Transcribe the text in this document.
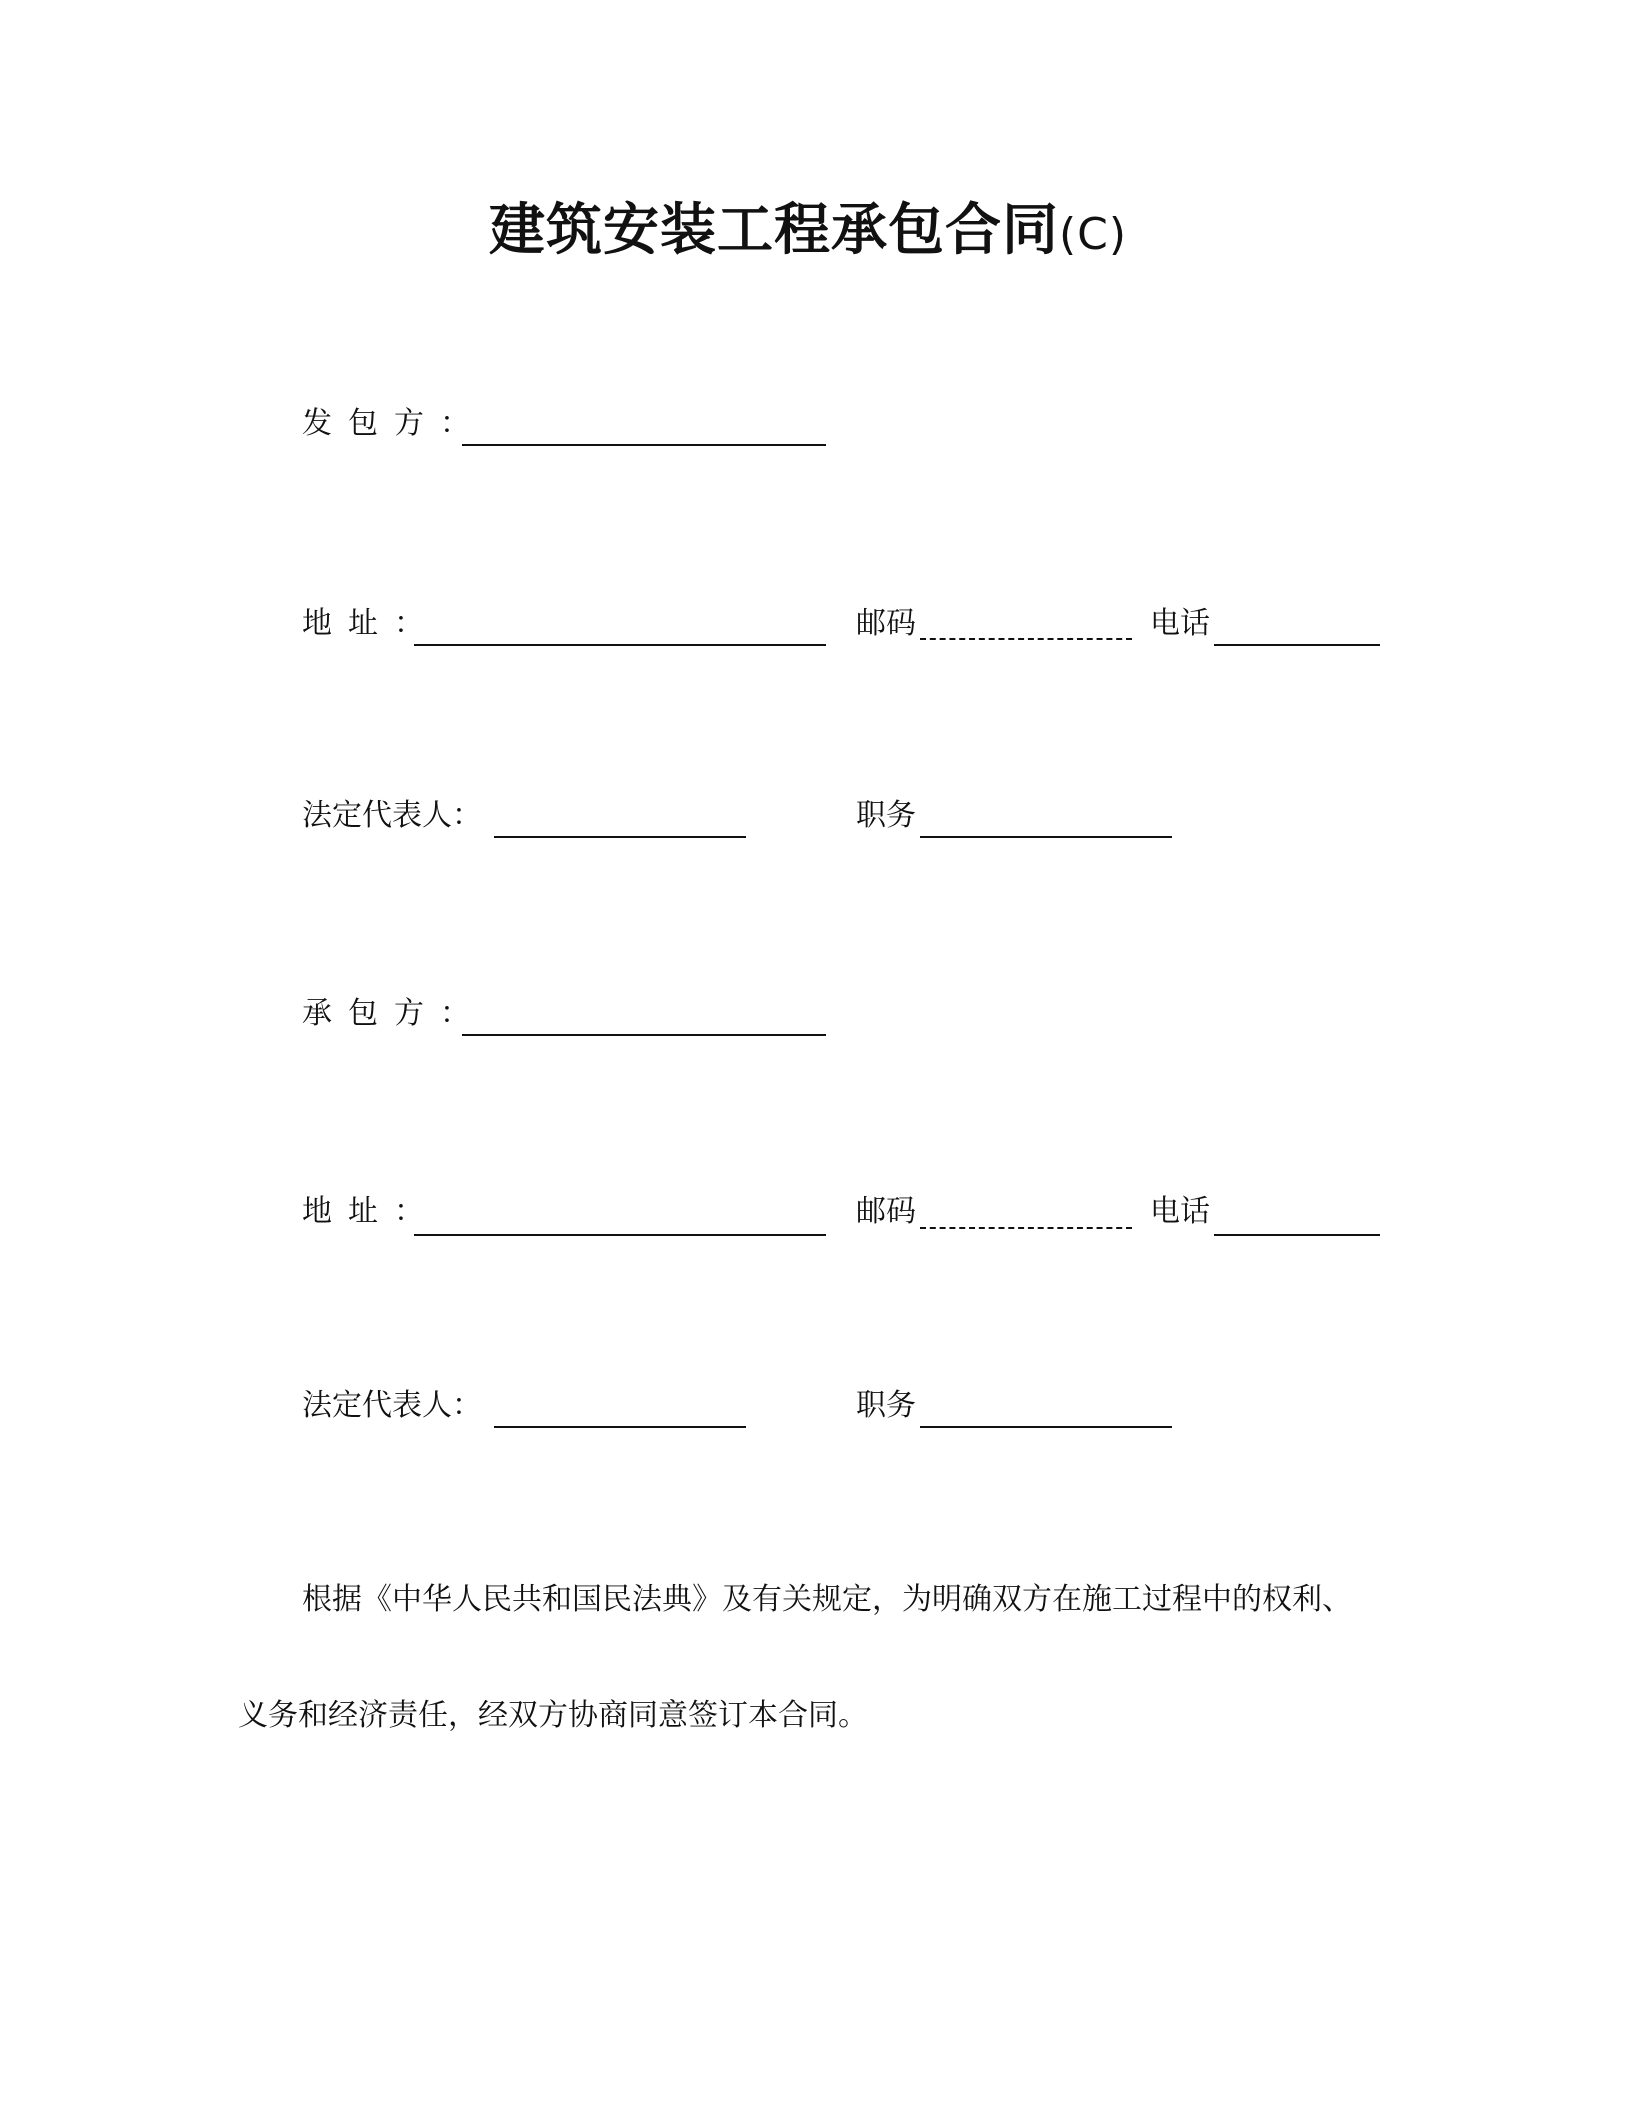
建筑安装工程承包合同(C)
发包方：
地址：	邮码	电话
法定代表人：	职务
承包方：
地址：	邮码	电话
法定代表人：	职务
根据《中华人民共和国民法典》及有关规定，为明确双方在施工过程中的权利、
义务和经济责任，经双方协商同意签订本合同。
